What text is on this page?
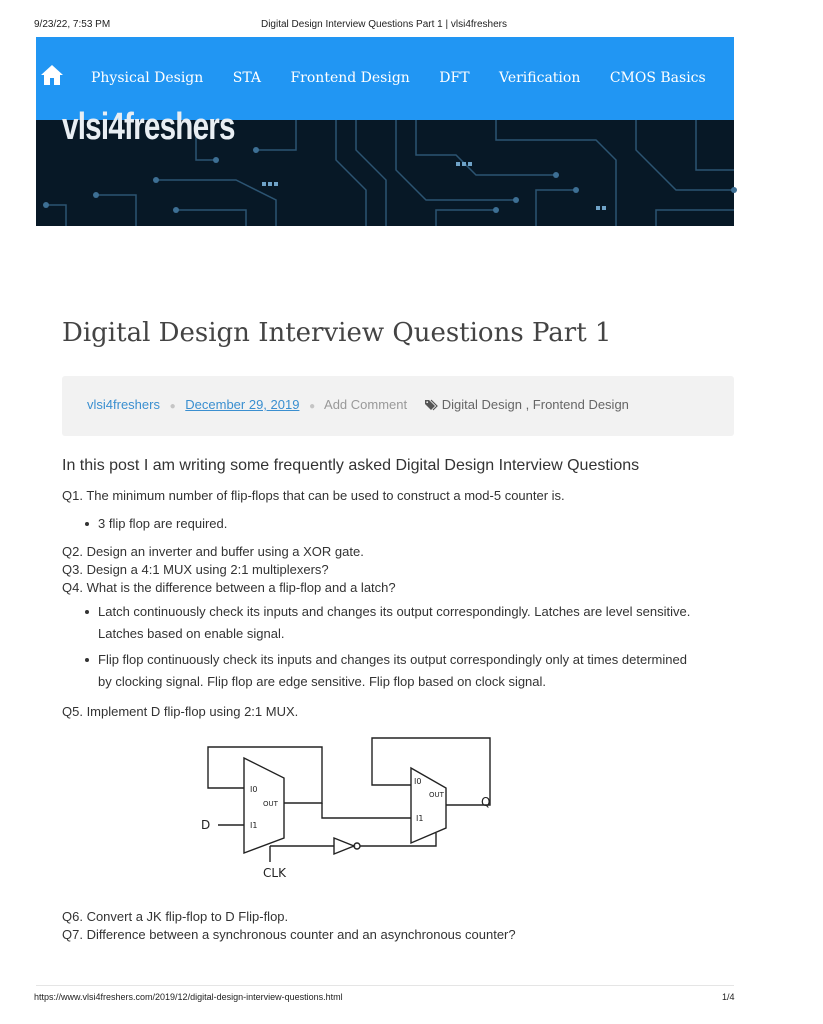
9/23/22, 7:53 PM	Digital Design Interview Questions Part 1 | vlsi4freshers
Physical Design STA Frontend Design DFT Verification CMOS Basics Linux Ba
vlsi4freshers
Digital Design Interview Questions Part 1
vlsi4freshers ● December 29, 2019 ● Add Comment	Digital Design , Frontend Design

In this post I am writing some frequently asked Digital Design Interview Questions

Q1. The minimum number of flip-flops that can be used to construct a mod-5 counter is.

3 flip flop are required.

Q2. Design an inverter and buffer using a XOR gate.

Q3. Design a 4:1 MUX using 2:1 multiplexers?

Q4. What is the difference between a flip-flop and a latch?

Latch continuously check its inputs and changes its output correspondingly. Latches are level sensitive.
Latches based on enable signal.

Flip flop continuously check its inputs and changes its output correspondingly only at times determined
by clocking signal. Flip flop are edge sensitive. Flip flop based on clock signal.

Q5. Implement D flip-flop using 2:1 MUX.

I0
I1
OUT
I0
I1
OUT
D
Q
CLK

Q6. Convert a JK flip-flop to D Flip-flop.

Q7. Difference between a synchronous counter and an asynchronous counter?

https://www.vlsi4freshers.com/2019/12/digital-design-interview-questions.html	1/4
